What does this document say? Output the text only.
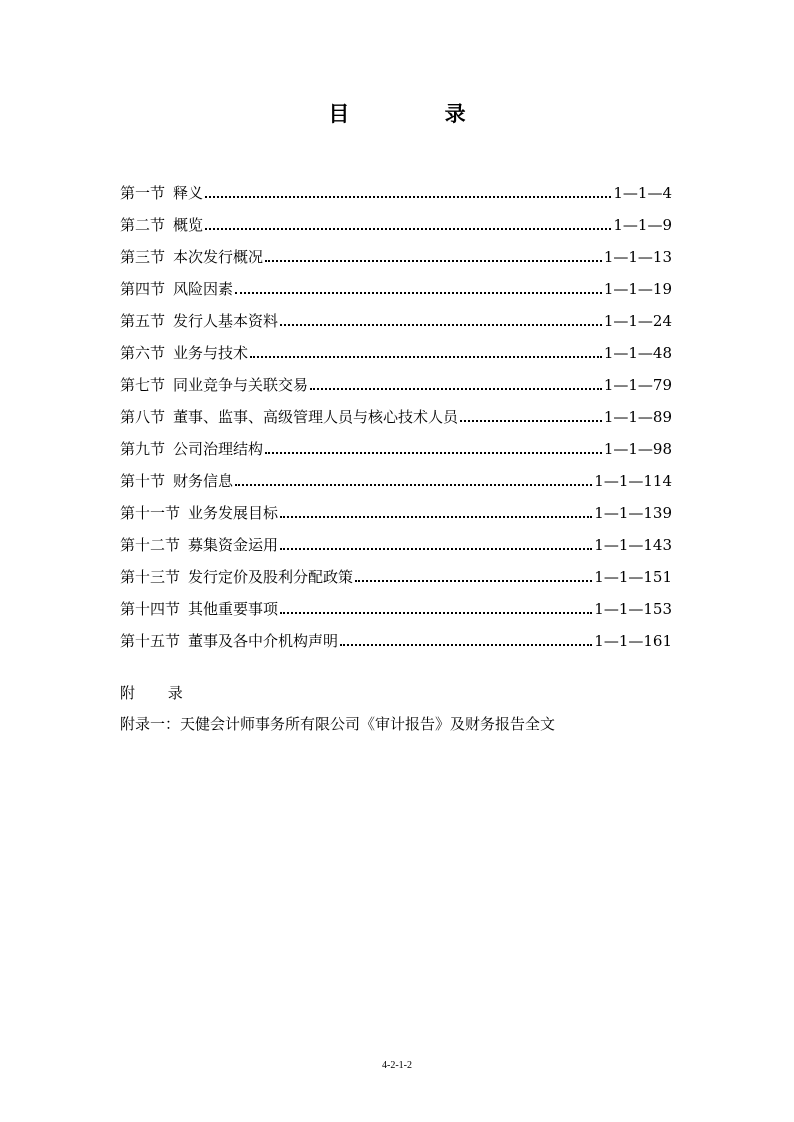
目 录
第一节 释义	1—1—4
第二节 概览	1—1—9
第三节 本次发行概况	1—1—13
第四节 风险因素	1—1—19
第五节 发行人基本资料	1—1—24
第六节 业务与技术	1—1—48
第七节 同业竞争与关联交易	1—1—79
第八节 董事、监事、高级管理人员与核心技术人员	1—1—89
第九节 公司治理结构	1—1—98
第十节 财务信息	1—1—114
第十一节 业务发展目标	1—1—139
第十二节 募集资金运用	1—1—143
第十三节 发行定价及股利分配政策	1—1—151
第十四节 其他重要事项	1—1—153
第十五节 董事及各中介机构声明	1—1—161
附 录
附录一：天健会计师事务所有限公司《审计报告》及财务报告全文
4-2-1-2
